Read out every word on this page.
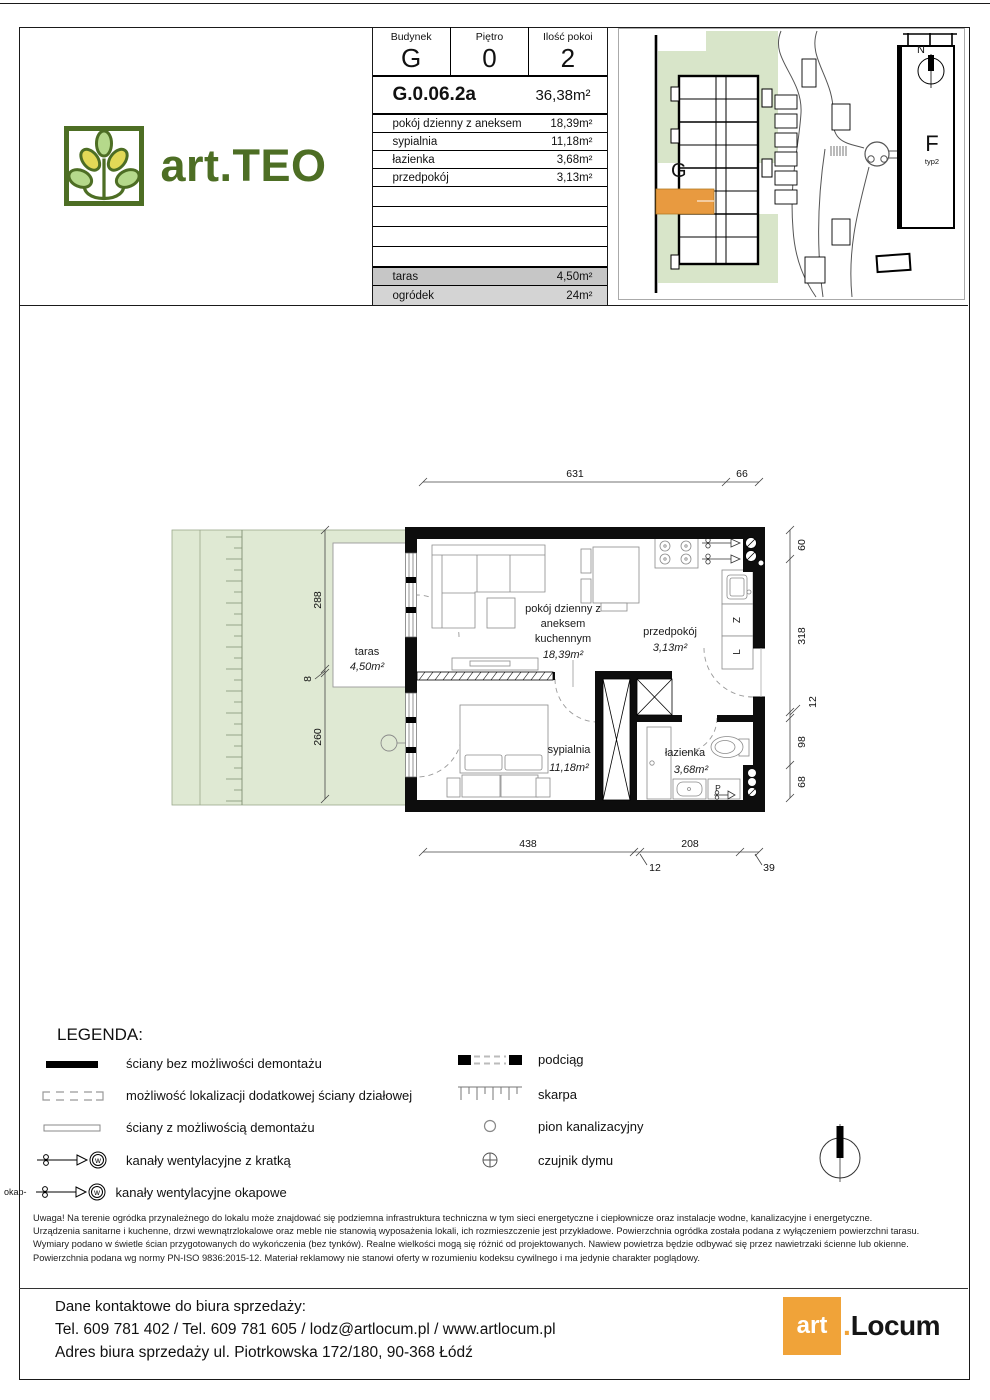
art.TEO
Budynek
G
Piętro
0
Ilość pokoi
2
G.0.06.2a	36,38m²
pokój dzienny z aneksem 18,39m²
sypialnia	11,18m²
łazienka	3,68m²
przedpokój	3,13m²
taras	4,50m²
ogródek	24m²
G
F
typ2
N
taras
4,50m²
pokój dzienny z
aneksem
kuchennym
18,39m²
przedpokój
3,13m²
sypialnia
11,18m²
łazienka
3,68m²
Z
L
P
631	66
438
12
208
39
288
8
260
60
318
12
98
68
LEGENDA:
ściany bez możliwości demontażu
możliwość lokalizacji dodatkowej ściany działowej
ściany z możliwością demontażu
w kanały wentylacyjne z kratką
okap-	w kanały wentylacyjne okapowe
podciąg
skarpa
pion kanalizacyjny
czujnik dymu

Uwaga! Na terenie ogródka przynależnego do lokalu może znajdować się podziemna infrastruktura techniczna w tym sieci energetyczne i ciepłownicze oraz instalacje wodne, kanalizacyjne i energetyczne.

Urządzenia sanitarne i kuchenne, drzwi wewnątrzlokalowe oraz meble nie stanowią wyposażenia lokali, ich rozmieszczenie jest przykładowe. Powierzchnia ogródka została podana z wyłączeniem powierzchni tarasu. Wymiary podano w świetle ścian przygotowanych do wykończenia (bez tynków). Realne wielkości mogą się różnić od projektowanych. Nawiew powietrza będzie odbywać się przez nawietrzaki ścienne lub okienne. Powierzchnia podana wg normy PN-ISO 9836:2015-12. Materiał reklamowy nie stanowi oferty w rozumieniu kodeksu cywilnego i ma jedynie charakter poglądowy.

Dane kontaktowe do biura sprzedaży:
Tel. 609 781 402 / Tel. 609 781 605 / lodz@artlocum.pl / www.artlocum.pl
Adres biura sprzedaży ul. Piotrkowska 172/180, 90-368 Łódź
art . Locum
